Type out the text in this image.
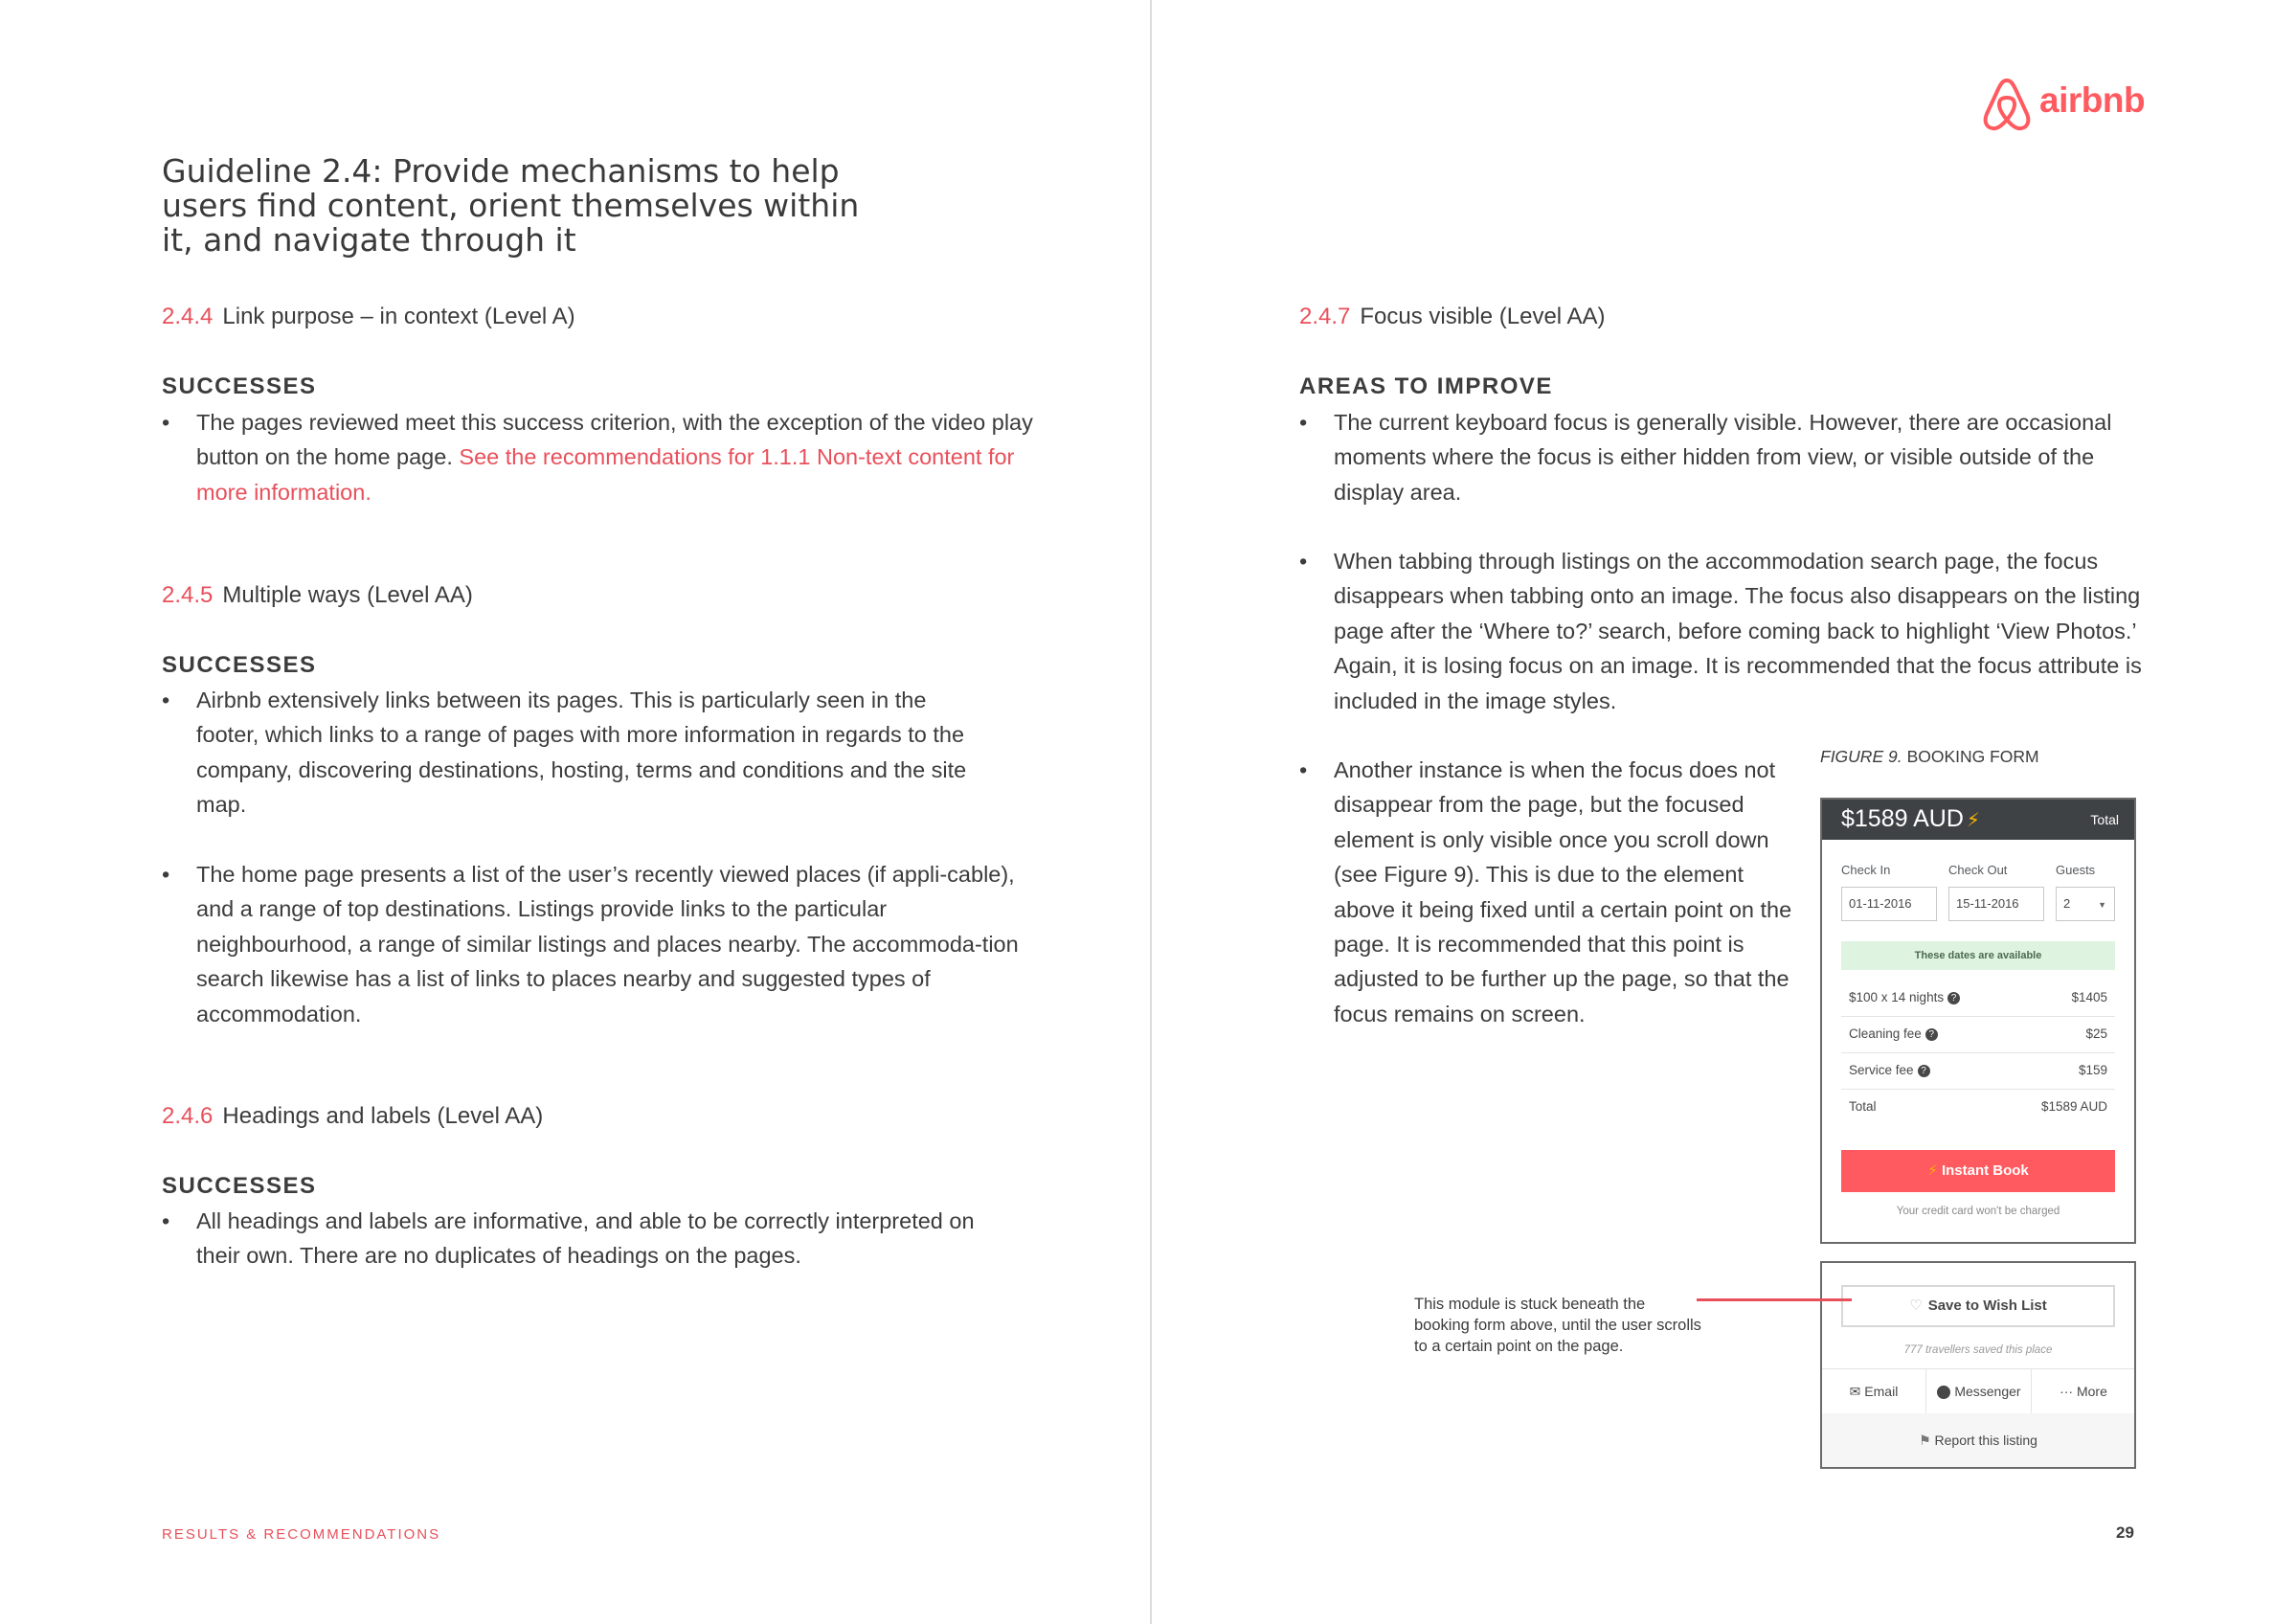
Guideline 2.4: Provide mechanisms to help users find content, orient themselves within it, and navigate through it
2.4.4 Link purpose – in context (Level A)

SUCCESSES

• The pages reviewed meet this success criterion, with the exception of the video play button on the home page. See the recommendations for 1.1.1 Non-text content for more information.

2.4.5 Multiple ways (Level AA)

SUCCESSES

• Airbnb extensively links between its pages. This is particularly seen in the footer, which links to a range of pages with more information in regards to the company, discovering destinations, hosting, terms and conditions and the site map.

• The home page presents a list of the user’s recently viewed places (if appli-cable), and a range of top destinations. Listings provide links to the particular neighbourhood, a range of similar listings and places nearby. The accommoda-tion search likewise has a list of links to places nearby and suggested types of accommodation.

2.4.6 Headings and labels (Level AA)

SUCCESSES

• All headings and labels are informative, and able to be correctly interpreted on their own. There are no duplicates of headings on the pages.

RESULTS & RECOMMENDATIONS
airbnb
2.4.7 Focus visible (Level AA)

AREAS TO IMPROVE

• The current keyboard focus is generally visible. However, there are occasional moments where the focus is either hidden from view, or visible outside of the display area.

• When tabbing through listings on the accommodation search page, the focus disappears when tabbing onto an image. The focus also disappears on the listing page after the ‘Where to?’ search, before coming back to highlight ‘View Photos.’ Again, it is losing focus on an image. It is recommended that the focus attribute is included in the image styles.

• Another instance is when the focus does not disappear from the page, but the focused element is only visible once you scroll down (see Figure 9). This is due to the element above it being fixed until a certain point on the page. It is recommended that this point is adjusted to be further up the page, so that the focus remains on screen.

FIGURE 9. BOOKING FORM
$1589 AUD ⚡	Total
Check In	Check Out	Guests
01-11-2016	15-11-2016	2	▼
These dates are available
$100 x 14 nights ?	$1405
Cleaning fee ?	$25
Service fee ?	$159
Total	$1589 AUD
⚡ Instant Book
Your credit card won't be charged
♡ Save to Wish List
777 travellers saved this place
✉ Email	Messenger	··· More
⚑ Report this listing

This module is stuck beneath the booking form above, until the user scrolls to a certain point on the page.

29
